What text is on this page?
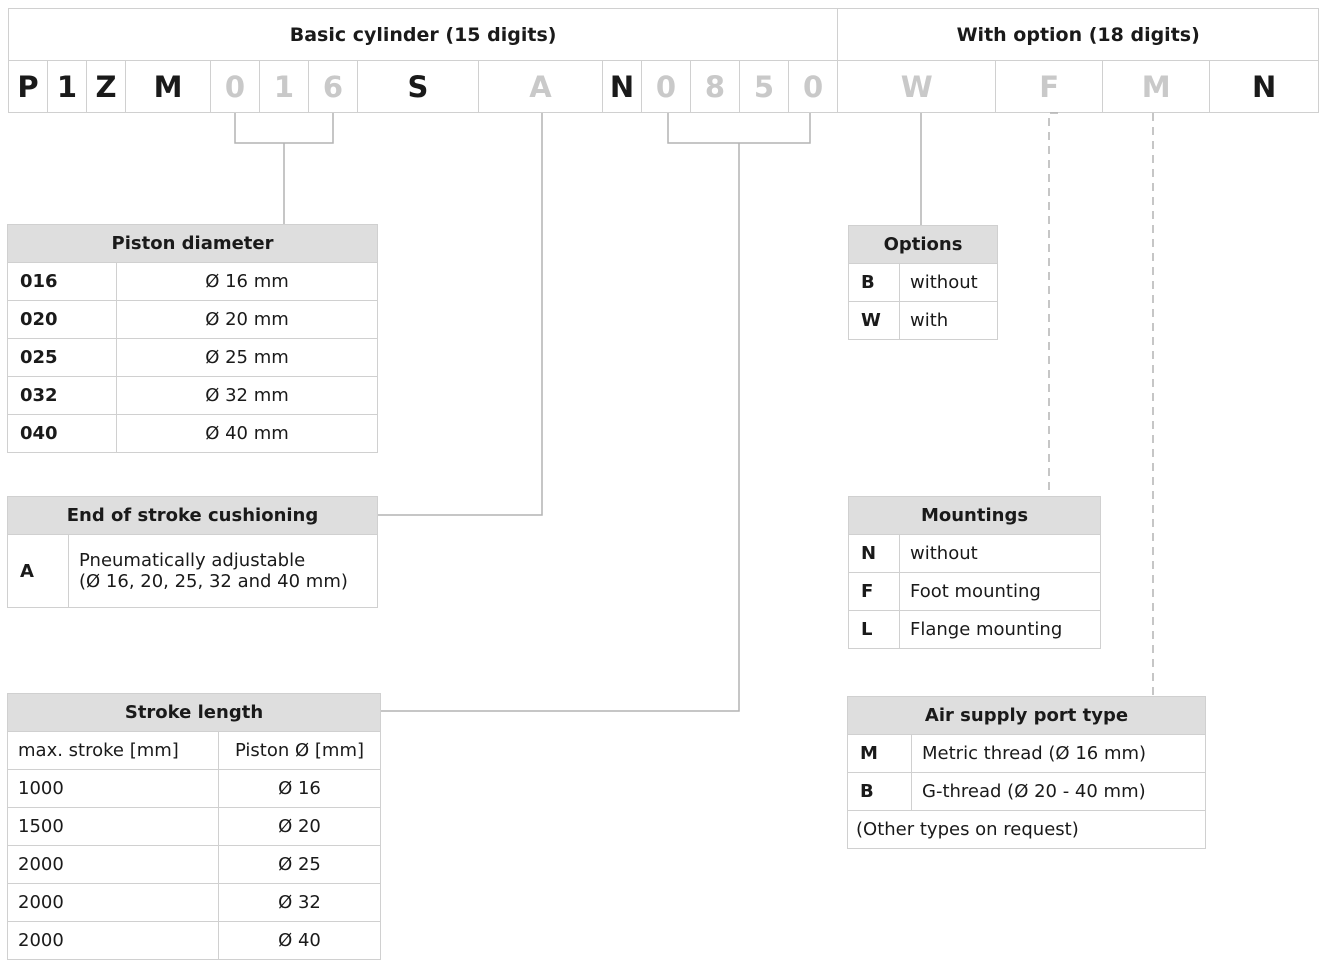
Basic cylinder (15 digits)														With option (18 digits)			
P	1	Z	M	0	1	6	S	A	N	0	8	5	0	W	F	M	N
Piston diameter	
016	Ø 16 mm
020	Ø 20 mm
025	Ø 25 mm
032	Ø 32 mm
040	Ø 40 mm
End of stroke cushioning
A	Pneumatically adjustable
(Ø 16, 20, 25, 32 and 40 mm)
Stroke length	
max. stroke [mm]	Piston Ø [mm]
1000	Ø 16
1500	Ø 20
2000	Ø 25
2000	Ø 32
2000	Ø 40
Options	
B	without
W	with
Mountings	
N	without
F	Foot mounting
L	Flange mounting
Air supply port type	
M	Metric thread (Ø 16 mm)
B	G-thread (Ø 20 - 40 mm)
(Other types on request)	
